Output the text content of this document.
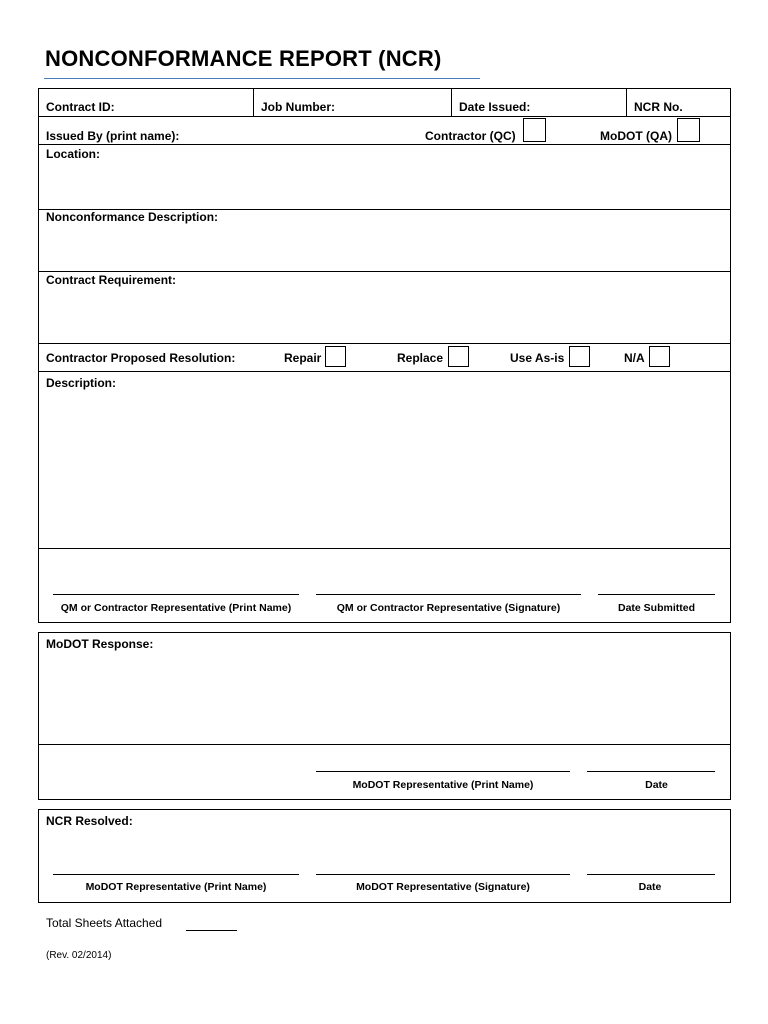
NONCONFORMANCE REPORT (NCR)
Contract ID:	Job Number:	Date Issued:	NCR No.
Issued By (print name):	Contractor (QC)	MoDOT (QA)
Location:
Nonconformance Description:
Contract Requirement:
Contractor Proposed Resolution:	Repair	Replace	Use As-is	N/A
Description:
QM or Contractor Representative (Print Name)	QM or Contractor Representative (Signature)	Date Submitted
MoDOT Response:
MoDOT Representative (Print Name)	Date
NCR Resolved:
MoDOT Representative (Print Name)	MoDOT Representative (Signature)	Date
Total Sheets Attached
(Rev. 02/2014)
